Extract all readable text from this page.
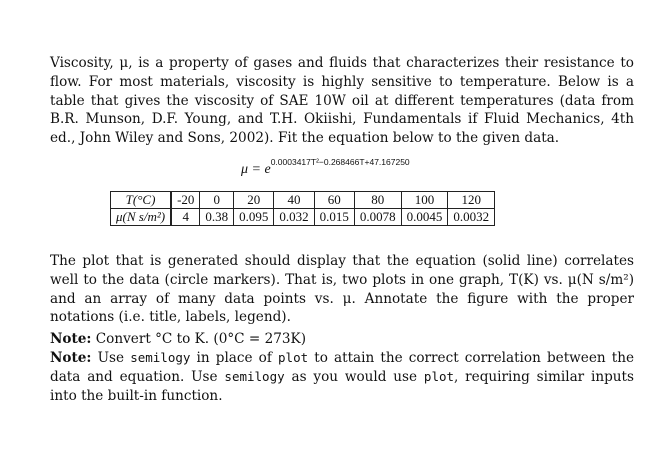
Viscosity, μ, is a property of gases and fluids that characterizes their resistance to flow. For most materials, viscosity is highly sensitive to temperature. Below is a table that gives the viscosity of SAE 10W oil at different temperatures (data from B.R. Munson, D.F. Young, and T.H. Okiishi, Fundamentals if Fluid Mechanics, 4th ed., John Wiley and Sons, 2002). Fit the equation below to the given data.
$\mu = e^{0.0003417T^2-0.268466T+47.167250}$
T(°C)	-20	0	20	40	60	80	100	120
μ(N s/m²)	4	0.38	0.095	0.032	0.015	0.0078	0.0045	0.0032
The plot that is generated should display that the equation (solid line) correlates well to the data (circle markers). That is, two plots in one graph, T(K) vs. μ(N s/m²) and an array of many data points vs. μ. Annotate the figure with the proper notations (i.e. title, labels, legend).
Note: Convert °C to K. (0°C = 273K)
Note: Use semilogy in place of plot to attain the correct correlation between the data and equation. Use semilogy as you would use plot, requiring similar inputs into the built-in function.
